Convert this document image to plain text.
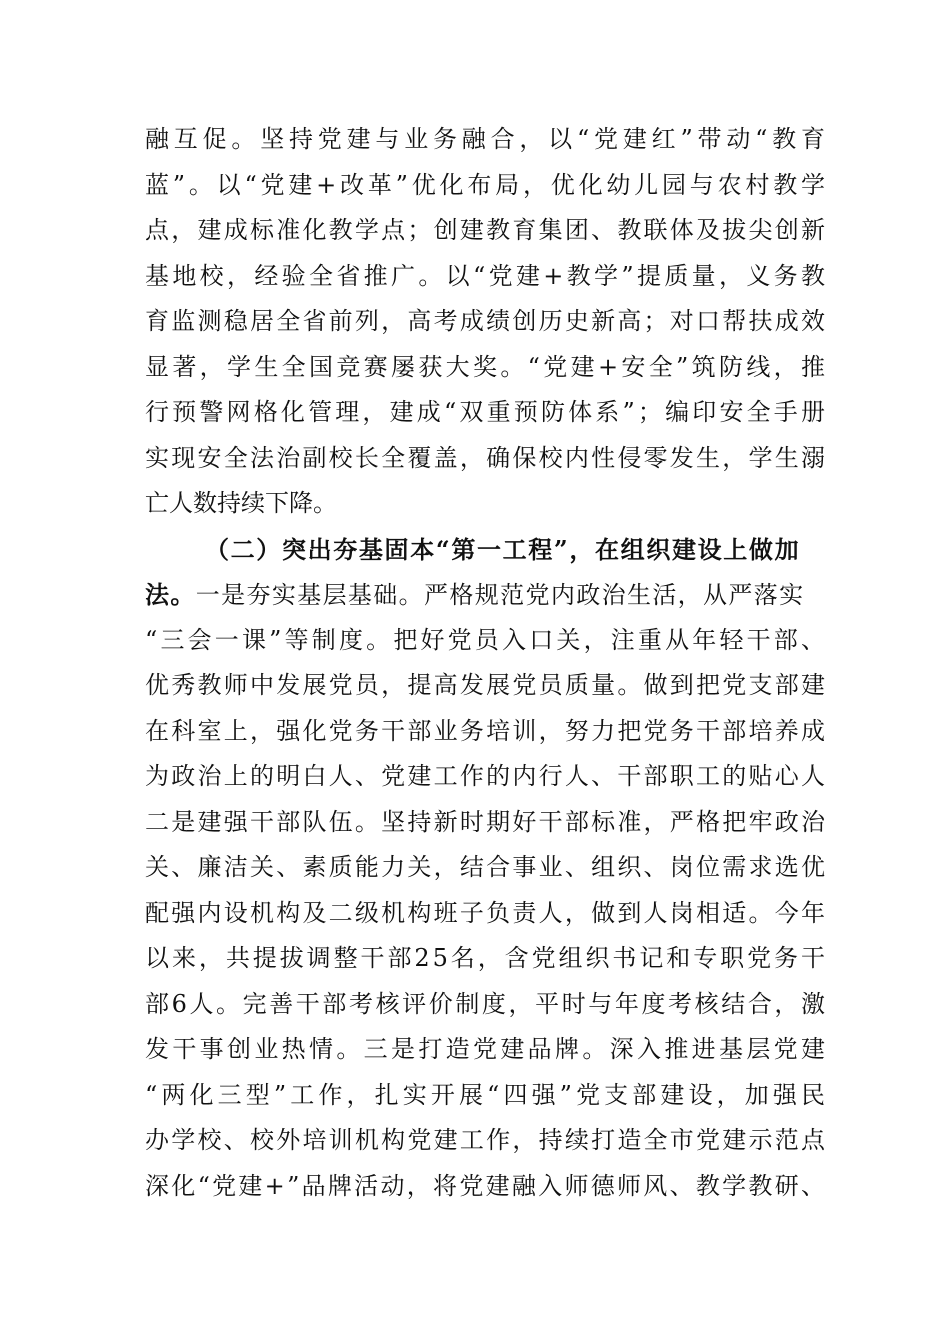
融互促。坚持党建与业务融合，以“党建红”带动“教育
蓝”。以“党建+改革”优化布局，优化幼儿园与农村教学
点，建成标准化教学点；创建教育集团、教联体及拔尖创新
基地校，经验全省推广。以“党建+教学”提质量，义务教
育监测稳居全省前列，高考成绩创历史新高；对口帮扶成效
显著，学生全国竞赛屡获大奖。“党建+安全”筑防线，推
行预警网格化管理，建成“双重预防体系”；编印安全手册
实现安全法治副校长全覆盖，确保校内性侵零发生，学生溺
亡人数持续下降。
（二）突出夯基固本“第一工程”，在组织建设上做加
法。一是夯实基层基础。严格规范党内政治生活，从严落实
“三会一课”等制度。把好党员入口关，注重从年轻干部、
优秀教师中发展党员，提高发展党员质量。做到把党支部建
在科室上，强化党务干部业务培训，努力把党务干部培养成
为政治上的明白人、党建工作的内行人、干部职工的贴心人
二是建强干部队伍。坚持新时期好干部标准，严格把牢政治
关、廉洁关、素质能力关，结合事业、组织、岗位需求选优
配强内设机构及二级机构班子负责人，做到人岗相适。今年
以来，共提拔调整干部25名，含党组织书记和专职党务干
部6人。完善干部考核评价制度，平时与年度考核结合，激
发干事创业热情。三是打造党建品牌。深入推进基层党建
“两化三型”工作，扎实开展“四强”党支部建设，加强民
办学校、校外培训机构党建工作，持续打造全市党建示范点
深化“党建+”品牌活动，将党建融入师德师风、教学教研、
